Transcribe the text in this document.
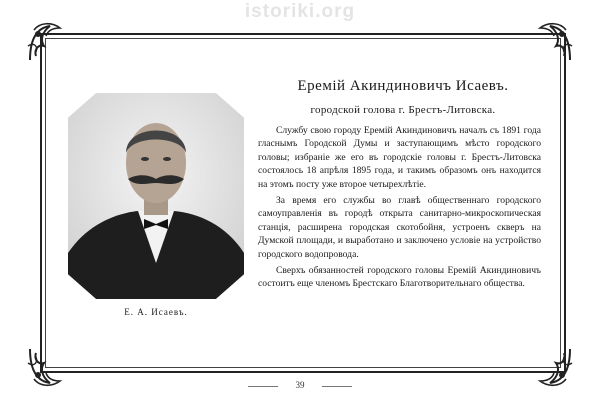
istoriki.org
Е. А. Исаевъ.
Еремій Акиндиновичъ Исаевъ.
городской голова г. Брестъ-Литовска.

Службу свою городу Еремій Акиндиновичъ началъ съ 1891 года гласнымъ Городской Думы и заступающимъ мѣсто городского головы; избраніе же его въ городскіе головы г. Брестъ-Литовска состоялось 18 апрѣля 1895 года, и такимъ образомъ онъ находится на этомъ посту уже второе четырехлѣтіе.

За время его службы во главѣ общественнаго городского самоуправленія въ городѣ открыта санитарно-микроскопическая станція, расширена городская скотобойня, устроенъ скверъ на Думской площади, и выработано и заключено условіе на устройство городского водопровода.

Сверхъ обязанностей городского головы Еремій Акиндиновичъ состоитъ еще членомъ Брестскаго Благотворительнаго общества.

39
